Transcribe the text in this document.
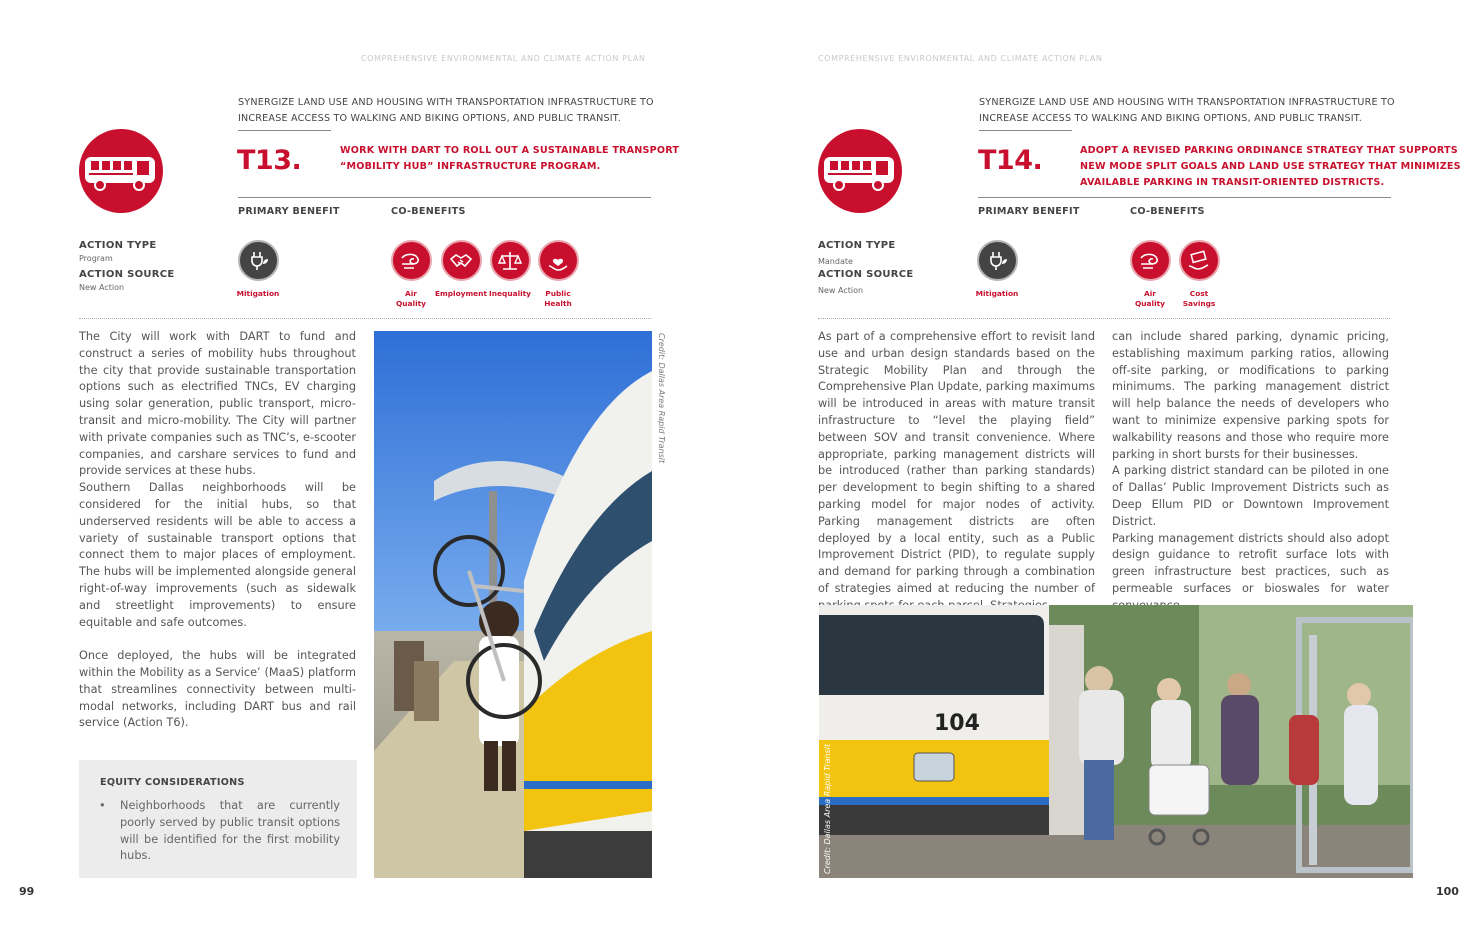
COMPREHENSIVE ENVIRONMENTAL AND CLIMATE ACTION PLAN
SYNERGIZE LAND USE AND HOUSING WITH TRANSPORTATION INFRASTRUCTURE TO
INCREASE ACCESS TO WALKING AND BIKING OPTIONS, AND PUBLIC TRANSIT.
T13.	WORK WITH DART TO ROLL OUT A SUSTAINABLE TRANSPORT
“MOBILITY HUB” INFRASTRUCTURE PROGRAM.
PRIMARY BENEFIT	CO-BENEFITS
ACTION TYPE
Program
ACTION SOURCE
New Action
Mitigation	Air
Quality
Employment Inequality	Public
Health

The City will work with DART to fund and construct a series of mobility hubs throughout the city that provide sustainable transportation options such as electrified TNCs, EV charging using solar generation, public transport, micro-transit and micro-mobility. The City will partner with private companies such as TNC’s, e-scooter companies, and carshare services to fund and provide services at these hubs.

Southern Dallas neighborhoods will be considered for the initial hubs, so that underserved residents will be able to access a variety of sustainable transport options that connect them to major places of employment. The hubs will be implemented alongside general right-of-way improvements (such as sidewalk and streetlight improvements) to ensure equitable and safe outcomes.

Once deployed, the hubs will be integrated within the Mobility as a Service’ (MaaS) platform that streamlines connectivity between multi-modal networks, including DART bus and rail service (Action T6).

Credit: Dallas Area Rapid Transit
EQUITY CONSIDERATIONS
• Neighborhoods that are currently poorly served by public transit options will be identified for the first mobility hubs.
99
COMPREHENSIVE ENVIRONMENTAL AND CLIMATE ACTION PLAN
SYNERGIZE LAND USE AND HOUSING WITH TRANSPORTATION INFRASTRUCTURE TO
INCREASE ACCESS TO WALKING AND BIKING OPTIONS, AND PUBLIC TRANSIT.
T14.	ADOPT A REVISED PARKING ORDINANCE STRATEGY THAT SUPPORTS
NEW MODE SPLIT GOALS AND LAND USE STRATEGY THAT MINIMIZES
AVAILABLE PARKING IN TRANSIT-ORIENTED DISTRICTS.
PRIMARY BENEFIT	CO-BENEFITS
ACTION TYPE
Mandate
ACTION SOURCE
New Action	Mitigation	Air
Quality
Cost
Savings

As part of a comprehensive effort to revisit land use and urban design standards based on the Strategic Mobility Plan and through the Comprehensive Plan Update, parking maximums will be introduced in areas with mature transit infrastructure to “level the playing field” between SOV and transit convenience. Where appropriate, parking management districts will be introduced (rather than parking standards) per development to begin shifting to a shared parking model for major nodes of activity. Parking management districts are often deployed by a local entity, such as a Public Improvement District (PID), to regulate supply and demand for parking through a combination of strategies aimed at reducing the number of

can include shared parking, dynamic pricing, establishing maximum parking ratios, allowing off-site parking, or modifications to parking minimums. The parking management district will help balance the needs of developers who want to minimize expensive parking spots for walkability reasons and those who require more parking in short bursts for their businesses.

A parking district standard can be piloted in one of Dallas’ Public Improvement Districts such as Deep Ellum PID or Downtown Improvement District.

Parking management districts should also adopt design guidance to retrofit surface lots with green infrastructure best practices, such as permeable surfaces or bioswales for water

104
Credit: Dallas Area Rapid Transit
100
